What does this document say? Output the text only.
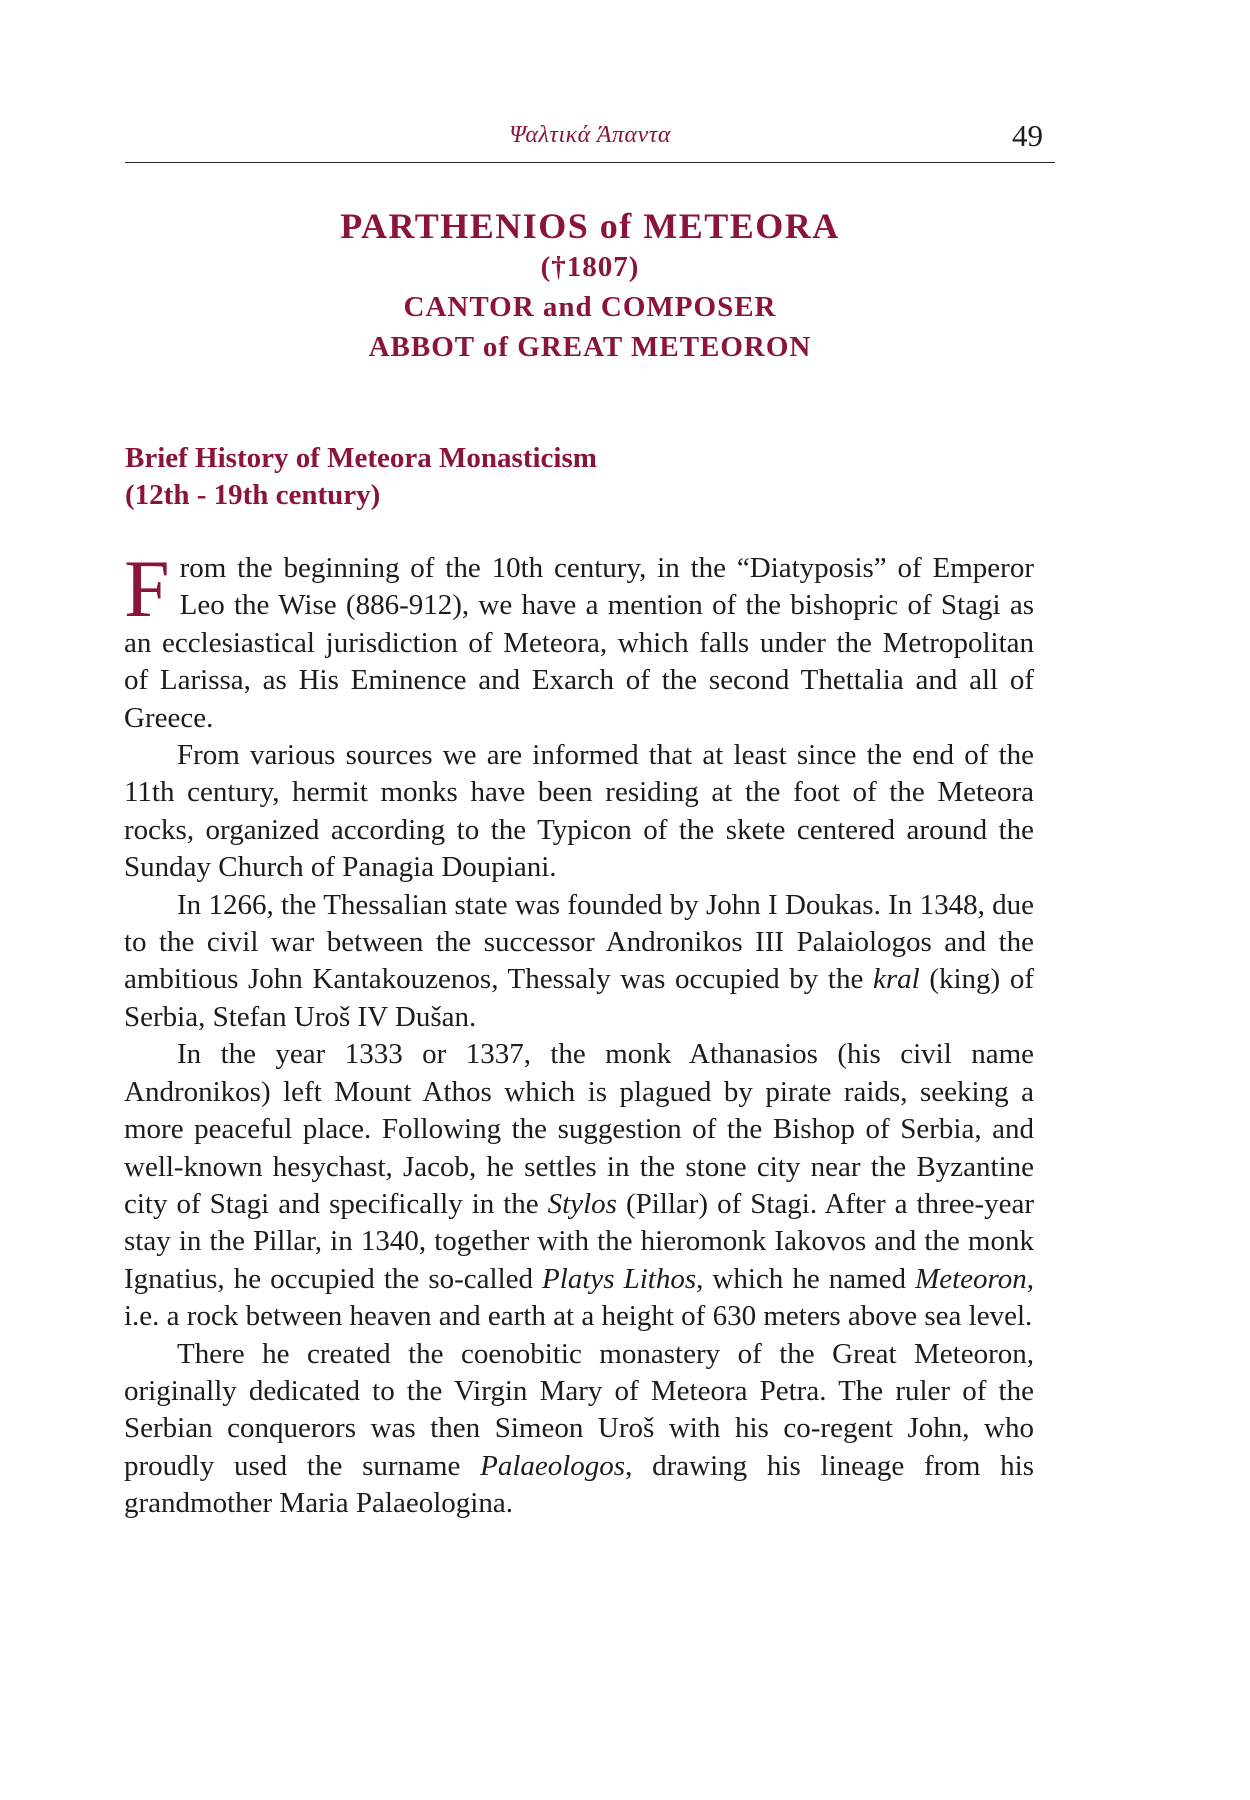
Ψαλτικά Άπαντα	49
PARTHENIOS of METEORA
(†1807)
CANTOR and COMPOSER
ABBOT of GREAT METEORON
Brief History of Meteora Monasticism
(12th - 19th century)

From the beginning of the 10th century, in the “Diatyposis” of Emperor Leo the Wise (886-912), we have a mention of the bishopric of Stagi as an ecclesiastical jurisdiction of Meteora, which falls under the Metropolitan of Larissa, as His Eminence and Exarch of the second Thettalia and all of Greece.

From various sources we are informed that at least since the end of the 11th century, hermit monks have been residing at the foot of the Meteora rocks, organized according to the Typicon of the skete centered around the Sunday Church of Panagia Doupiani.

In 1266, the Thessalian state was founded by John I Doukas. In 1348, due to the civil war between the successor Andronikos III Palaiologos and the ambitious John Kantakouzenos, Thessaly was occupied by the kral (king) of Serbia, Stefan Uroš IV Dušan.

In the year 1333 or 1337, the monk Athanasios (his civil name Andronikos) left Mount Athos which is plagued by pirate raids, seeking a more peaceful place. Following the suggestion of the Bishop of Serbia, and well-known hesychast, Jacob, he settles in the stone city near the Byzantine city of Stagi and specifically in the Stylos (Pillar) of Stagi. After a three-year stay in the Pillar, in 1340, together with the hieromonk Iakovos and the monk Ignatius, he occupied the so-called Platys Lithos, which he named Meteoron, i.e. a rock between heaven and earth at a height of 630 meters above sea level.

There he created the coenobitic monastery of the Great Meteoron, originally dedicated to the Virgin Mary of Meteora Petra. The ruler of the Serbian conquerors was then Simeon Uroš with his co-regent John, who proudly used the surname Palaeologos, drawing his lineage from his grandmother Maria Palaeologina.
